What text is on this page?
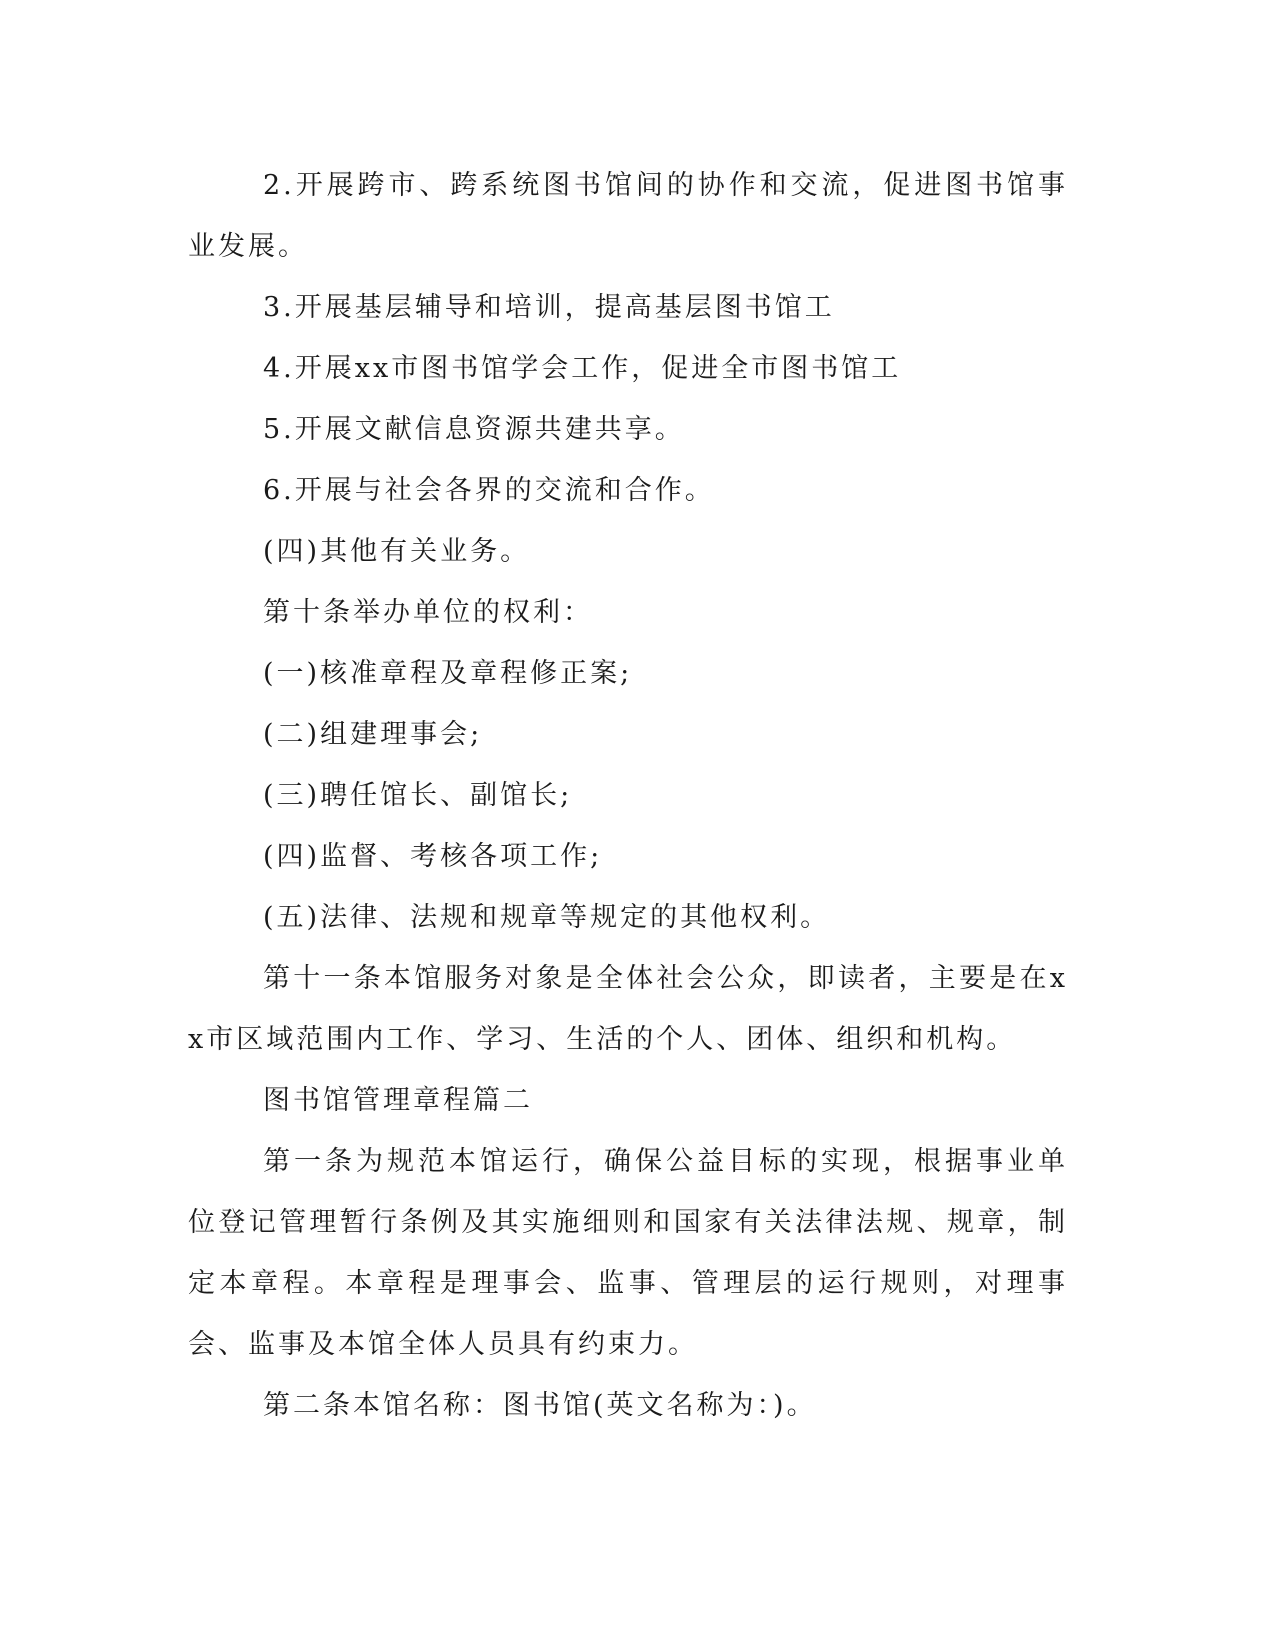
2.开展跨市、跨系统图书馆间的协作和交流，促进图书馆事业发展。

3.开展基层辅导和培训，提高基层图书馆工

4.开展xx市图书馆学会工作，促进全市图书馆工

5.开展文献信息资源共建共享。

6.开展与社会各界的交流和合作。

(四)其他有关业务。

第十条举办单位的权利：

(一)核准章程及章程修正案;

(二)组建理事会;

(三)聘任馆长、副馆长;

(四)监督、考核各项工作;

(五)法律、法规和规章等规定的其他权利。

第十一条本馆服务对象是全体社会公众，即读者，主要是在xx市区域范围内工作、学习、生活的个人、团体、组织和机构。

图书馆管理章程篇二

第一条为规范本馆运行，确保公益目标的实现，根据事业单位登记管理暂行条例及其实施细则和国家有关法律法规、规章，制定本章程。本章程是理事会、监事、管理层的运行规则，对理事会、监事及本馆全体人员具有约束力。

第二条本馆名称：图书馆(英文名称为：)。
